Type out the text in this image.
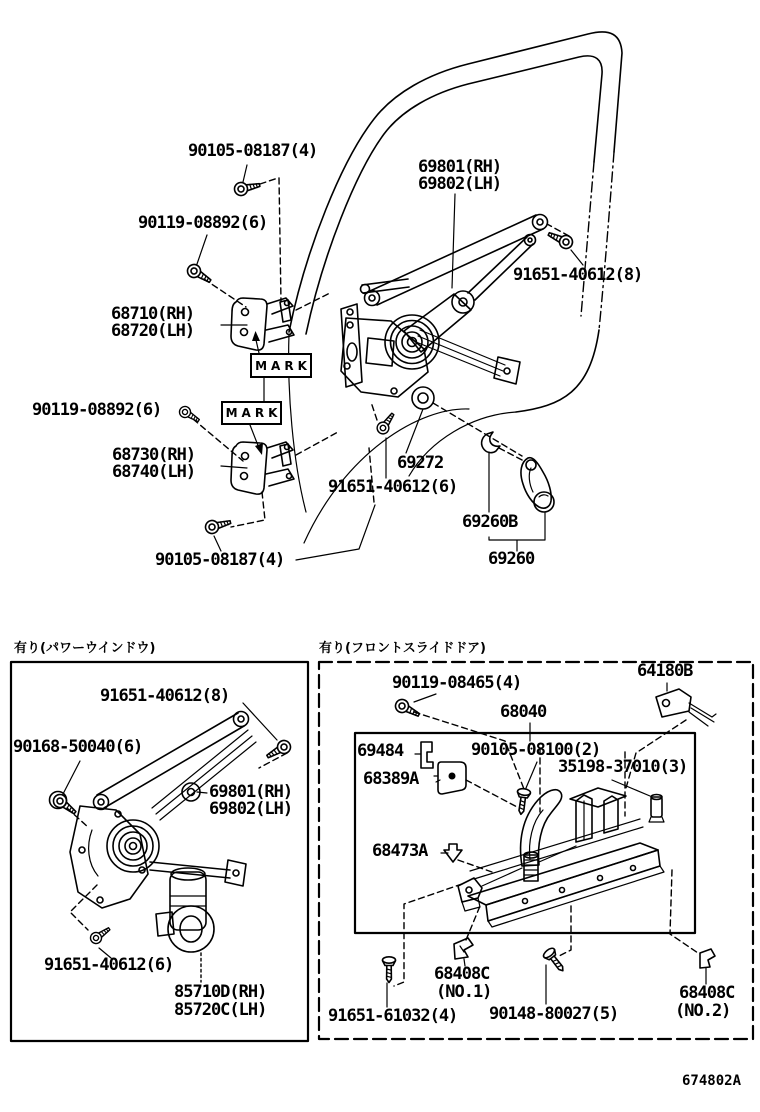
90105-08187(4)
69801(RH)
69802(LH)
90119-08892(6)
91651-40612(8)
68710(RH)
68720(LH)
MARK
MARK
90119-08892(6)
68730(RH)
68740(LH)	69272
91651-40612(6)
69260B
90105-08187(4)	69260
有り(パワーウインドウ)
91651-40612(8)
90168-50040(6)
69801(RH)
69802(LH)
91651-40612(6)
85710D(RH)
85720C(LH)
有り(フロントスライドドア)
90119-08465(4)
64180B
68040
69484	90105-08100(2)
35198-37010(3)
68389A
68473A
68408C
(NO.1)
91651-61032(4) 90148-80027(5)
68408C
(NO.2)
674802A
